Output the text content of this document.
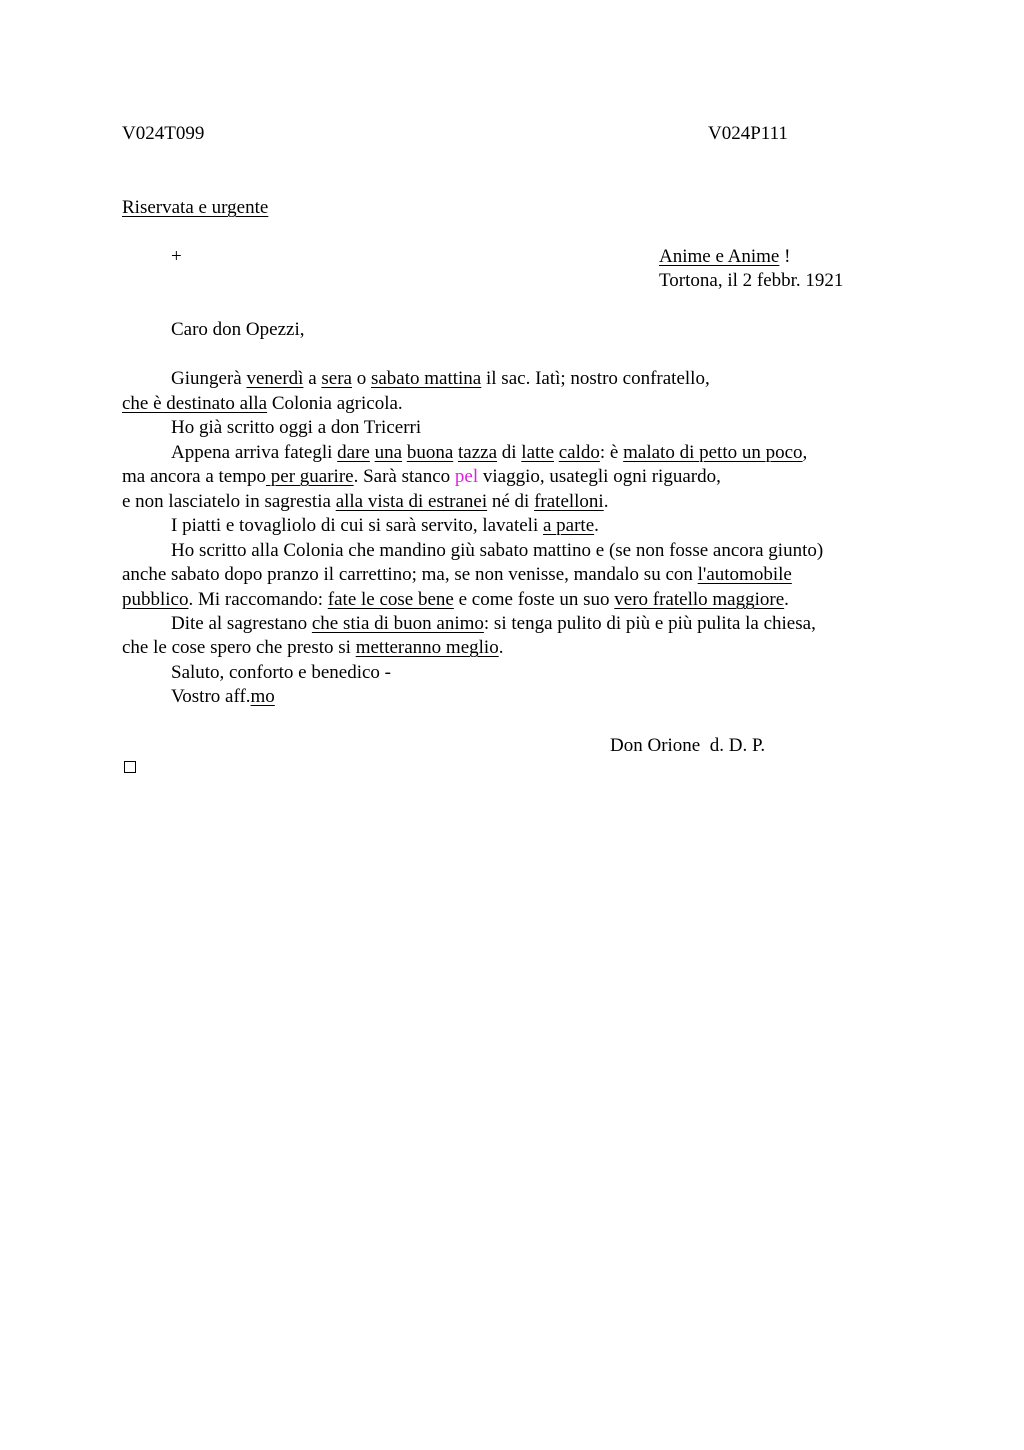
V024T099	V024P111
Riservata e urgente
+	Anime e Anime !
Tortona, il 2 febbr. 1921
Caro don Opezzi,
Giungerà venerdì a sera o sabato mattina il sac. Iatì; nostro confratello,
che è destinato alla Colonia agricola.
Ho già scritto oggi a don Tricerri
Appena arriva fategli dare una buona tazza di latte caldo: è malato di petto un poco,
ma ancora a tempo per guarire. Sarà stanco pel viaggio, usategli ogni riguardo,
e non lasciatelo in sagrestia alla vista di estranei né di fratelloni.
I piatti e tovagliolo di cui si sarà servito, lavateli a parte.
Ho scritto alla Colonia che mandino giù sabato mattino e (se non fosse ancora giunto)
anche sabato dopo pranzo il carrettino; ma, se non venisse, mandalo su con l'automobile
pubblico. Mi raccomando: fate le cose bene e come foste un suo vero fratello maggiore.
Dite al sagrestano che stia di buon animo: si tenga pulito di più e più pulita la chiesa,
che le cose spero che presto si metteranno meglio.
Saluto, conforto e benedico -
Vostro aff.mo
Don Orione  d. D. P.
